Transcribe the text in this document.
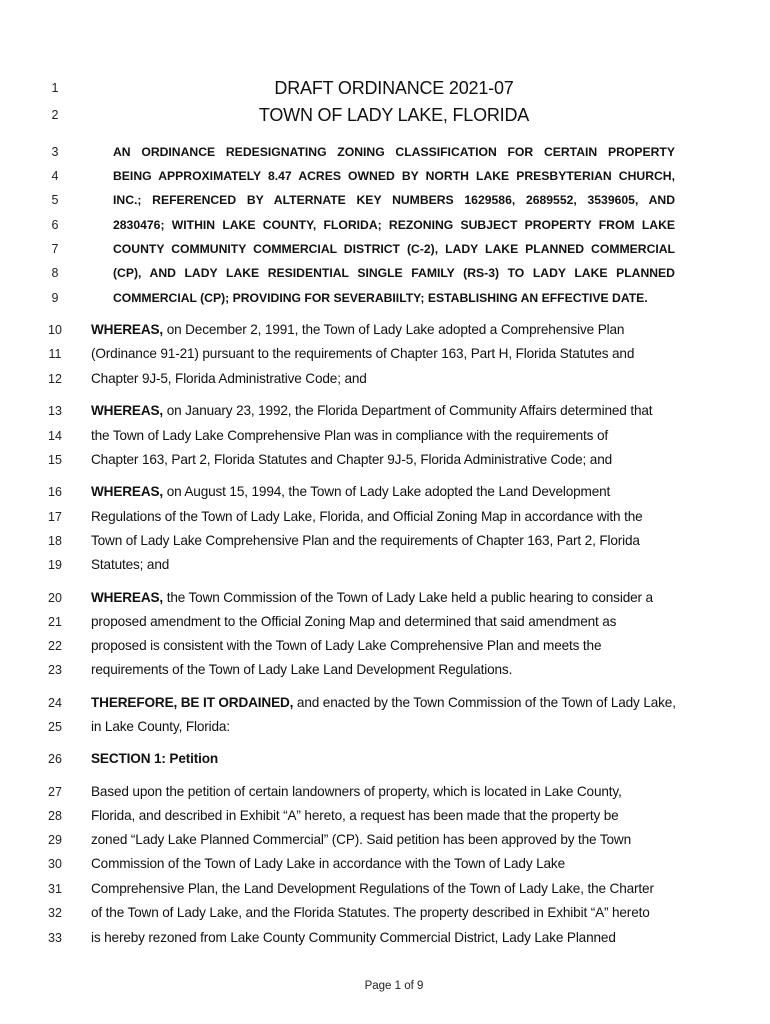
1	DRAFT ORDINANCE 2021-07
2	TOWN OF LADY LAKE, FLORIDA
3	AN ORDINANCE REDESIGNATING ZONING CLASSIFICATION FOR CERTAIN PROPERTY
4	BEING APPROXIMATELY 8.47 ACRES OWNED BY NORTH LAKE PRESBYTERIAN CHURCH,
5	INC.; REFERENCED BY ALTERNATE KEY NUMBERS 1629586, 2689552, 3539605, AND
6	2830476; WITHIN LAKE COUNTY, FLORIDA; REZONING SUBJECT PROPERTY FROM LAKE
7	COUNTY COMMUNITY COMMERCIAL DISTRICT (C-2), LADY LAKE PLANNED COMMERCIAL
8	(CP), AND LADY LAKE RESIDENTIAL SINGLE FAMILY (RS-3) TO LADY LAKE PLANNED
9	COMMERCIAL (CP); PROVIDING FOR SEVERABIILTY; ESTABLISHING AN EFFECTIVE DATE.
10	WHEREAS, on December 2, 1991, the Town of Lady Lake adopted a Comprehensive Plan
11	(Ordinance 91-21) pursuant to the requirements of Chapter 163, Part H, Florida Statutes and
12	Chapter 9J-5, Florida Administrative Code; and
13	WHEREAS, on January 23, 1992, the Florida Department of Community Affairs determined that
14	the Town of Lady Lake Comprehensive Plan was in compliance with the requirements of
15	Chapter 163, Part 2, Florida Statutes and Chapter 9J-5, Florida Administrative Code; and
16	WHEREAS, on August 15, 1994, the Town of Lady Lake adopted the Land Development
17	Regulations of the Town of Lady Lake, Florida, and Official Zoning Map in accordance with the
18	Town of Lady Lake Comprehensive Plan and the requirements of Chapter 163, Part 2, Florida
19	Statutes; and
20	WHEREAS, the Town Commission of the Town of Lady Lake held a public hearing to consider a
21	proposed amendment to the Official Zoning Map and determined that said amendment as
22	proposed is consistent with the Town of Lady Lake Comprehensive Plan and meets the
23	requirements of the Town of Lady Lake Land Development Regulations.
24	THEREFORE, BE IT ORDAINED, and enacted by the Town Commission of the Town of Lady Lake,
25	in Lake County, Florida:
26	SECTION 1: Petition
27	Based upon the petition of certain landowners of property, which is located in Lake County,
28	Florida, and described in Exhibit “A” hereto, a request has been made that the property be
29	zoned “Lady Lake Planned Commercial” (CP). Said petition has been approved by the Town
30	Commission of the Town of Lady Lake in accordance with the Town of Lady Lake
31	Comprehensive Plan, the Land Development Regulations of the Town of Lady Lake, the Charter
32	of the Town of Lady Lake, and the Florida Statutes. The property described in Exhibit “A” hereto
33	is hereby rezoned from Lake County Community Commercial District, Lady Lake Planned
Page 1 of 9
